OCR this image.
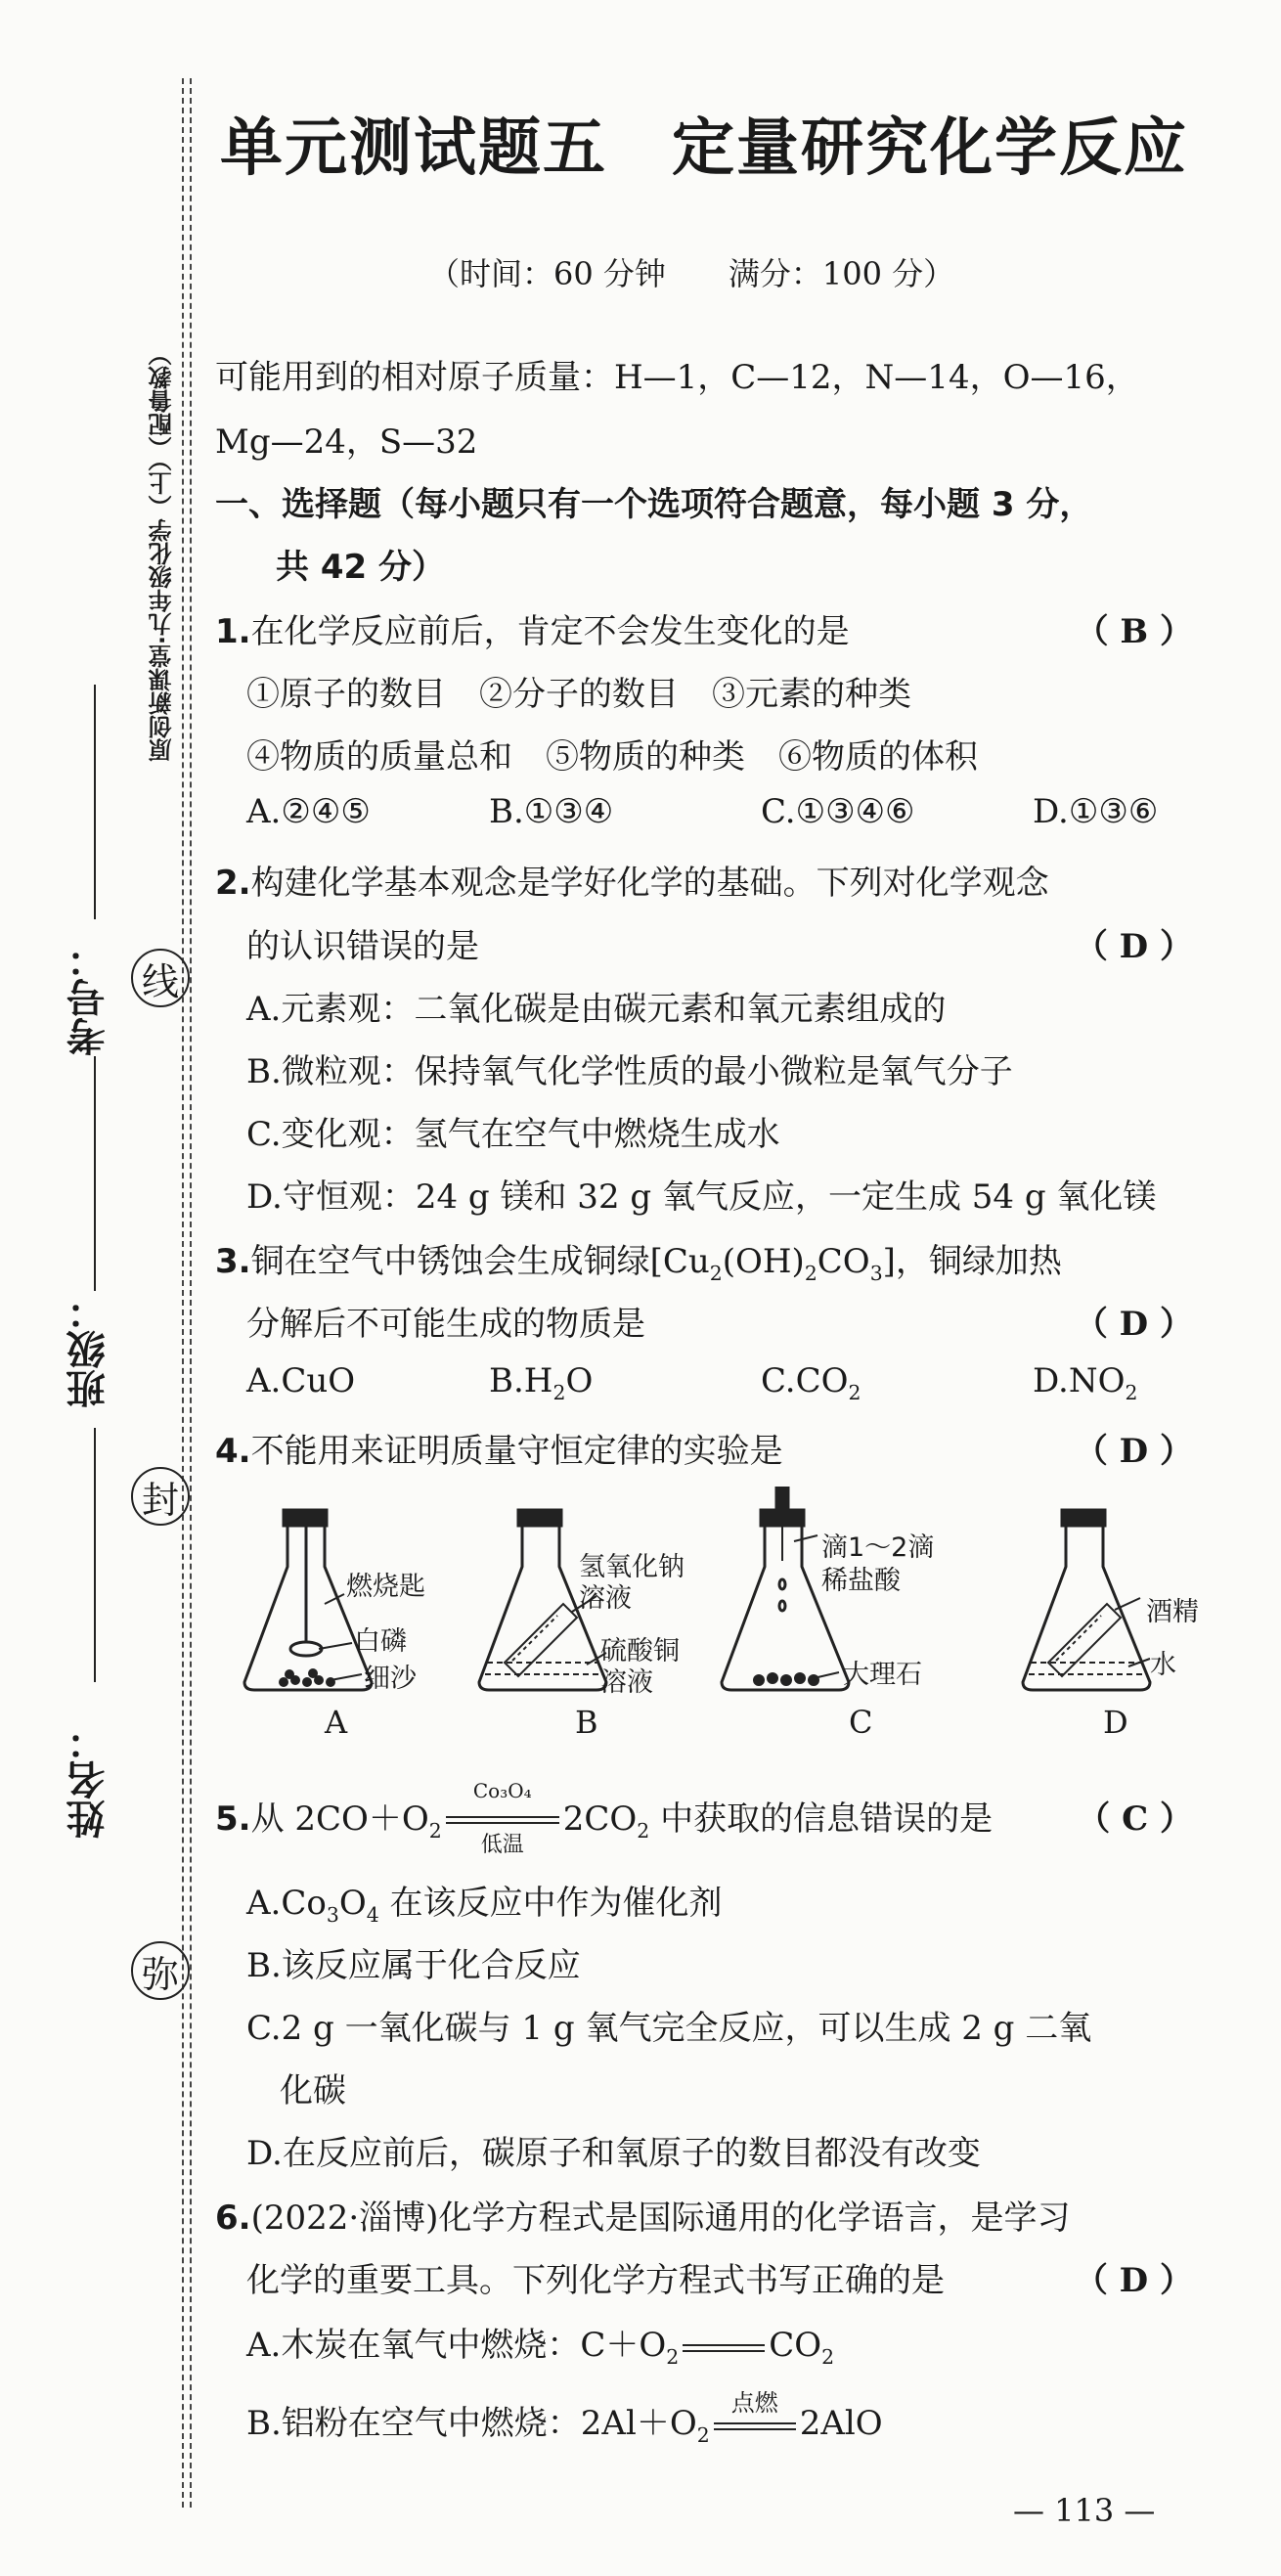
原创新课堂·九年级化学（上）（配鲁教）
考号：
班级：
姓名：
线
封
弥
单元测试题五　定量研究化学反应
（时间：60 分钟　　满分：100 分）
可能用到的相对原子质量：H—1，C—12，N—14，O—16，
Mg—24，S—32
一、选择题（每小题只有一个选项符合题意，每小题 3 分，
共 42 分）
1.在化学反应前后，肯定不会发生变化的是	（ B ）
①原子的数目　②分子的数目　③元素的种类
④物质的质量总和　⑤物质的种类　⑥物质的体积
A.②④⑤	B.①③④	C.①③④⑥	D.①③⑥
2.构建化学基本观念是学好化学的基础。下列对化学观念
的认识错误的是	（ D ）
A.元素观：二氧化碳是由碳元素和氧元素组成的
B.微粒观：保持氧气化学性质的最小微粒是氧气分子
C.变化观：氢气在空气中燃烧生成水
D.守恒观：24 g 镁和 32 g 氧气反应，一定生成 54 g 氧化镁
3.铜在空气中锈蚀会生成铜绿$[Cu_2(OH)_2CO_3]$，铜绿加热
分解后不可能生成的物质是	（ D ）
A.CuO	$B.H_2O$	$C.CO_2$	$D.NO_2$
4.不能用来证明质量守恒定律的实验是	（ D ）
燃烧匙
白磷
细沙
氢氧化钠
溶液
硫酸铜
溶液
滴1～2滴
稀盐酸
大理石
酒精
水
A	B	C	D
5.从 $2CO+O_2$
Co₃O₄
低温
$2CO_2$ 中获取的信息错误的是	（ C ）
$A.Co_3O_4$ 在该反应中作为催化剂
B.该反应属于化合反应
C.2 g 一氧化碳与 1 g 氧气完全反应，可以生成 2 g 二氧
化碳
D.在反应前后，碳原子和氧原子的数目都没有改变
6.(2022·淄博)化学方程式是国际通用的化学语言，是学习
化学的重要工具。下列化学方程式书写正确的是	（ D ）
A.木炭在氧气中燃烧：$C+O_2$	$CO_2$
B.铝粉在空气中燃烧：$2Al+O_2$
点燃
2AlO
— 113 —
